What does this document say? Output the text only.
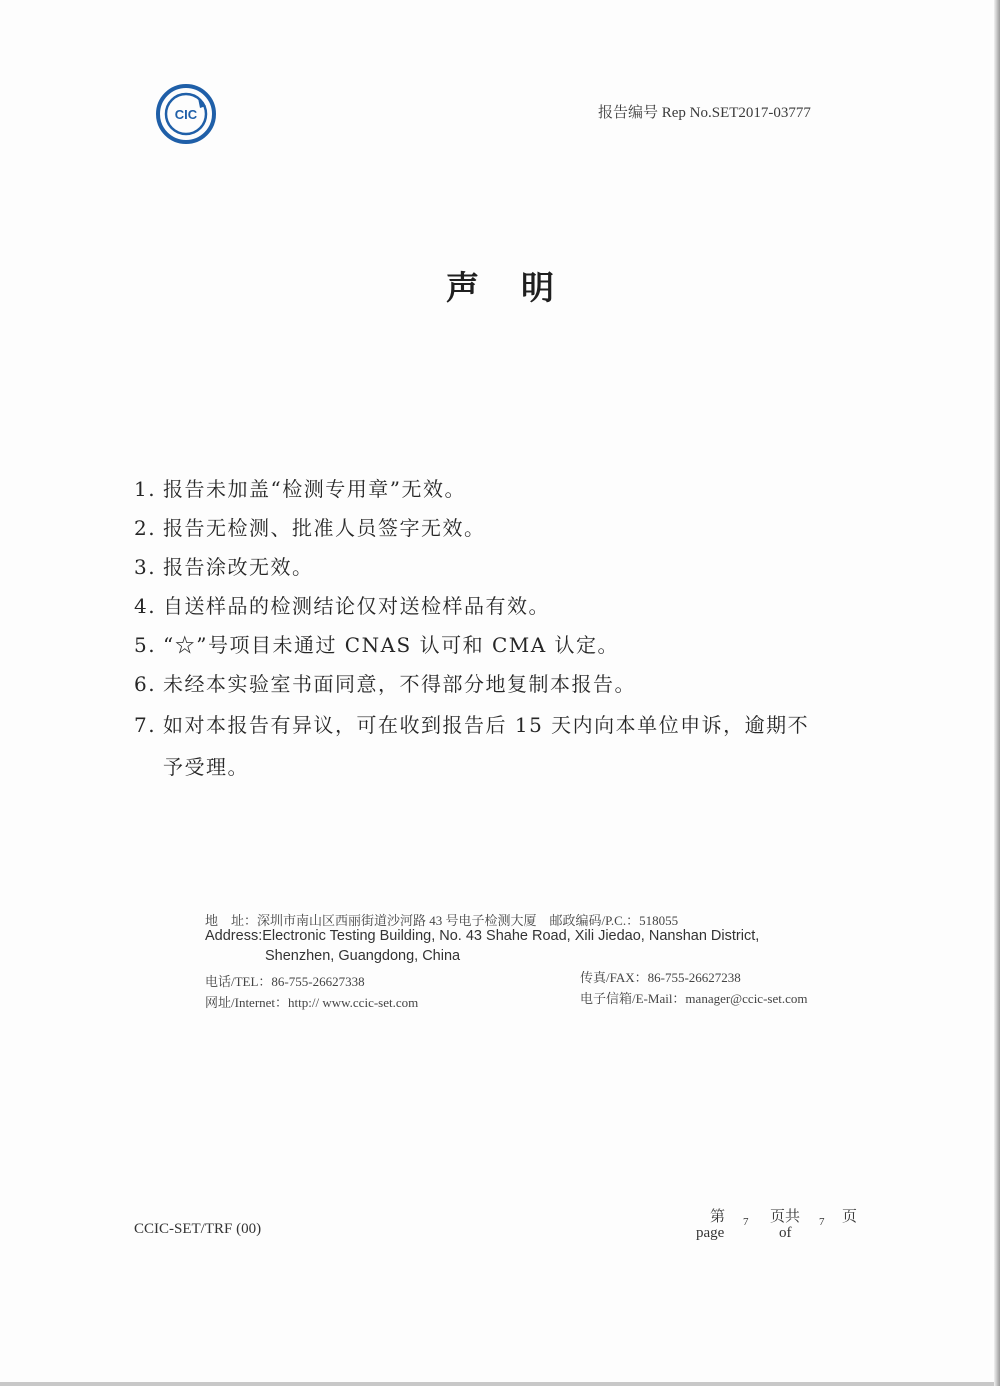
CIC	报告编号 Rep No.SET2017-03777
声明
1. 报告未加盖“检测专用章”无效。
2. 报告无检测、批准人员签字无效。
3. 报告涂改无效。
4. 自送样品的检测结论仅对送检样品有效。
5. “☆”号项目未通过 CNAS 认可和 CMA 认定。
6. 未经本实验室书面同意，不得部分地复制本报告。
7. 如对本报告有异议，可在收到报告后 15 天内向本单位申诉，逾期不予受理。
地　址：深圳市南山区西丽街道沙河路 43 号电子检测大厦　邮政编码/P.C.：518055
Address:Electronic Testing Building, No. 43 Shahe Road, Xili Jiedao, Nanshan District,
Shenzhen, Guangdong, China
电话/TEL：86-755-26627338	传真/FAX：86-755-26627238
网址/Internet：http:// www.ccic-set.com	电子信箱/E-Mail：manager@ccic-set.com
CCIC-SET/TRF (00)
第
page
7 页共
of
7 页
